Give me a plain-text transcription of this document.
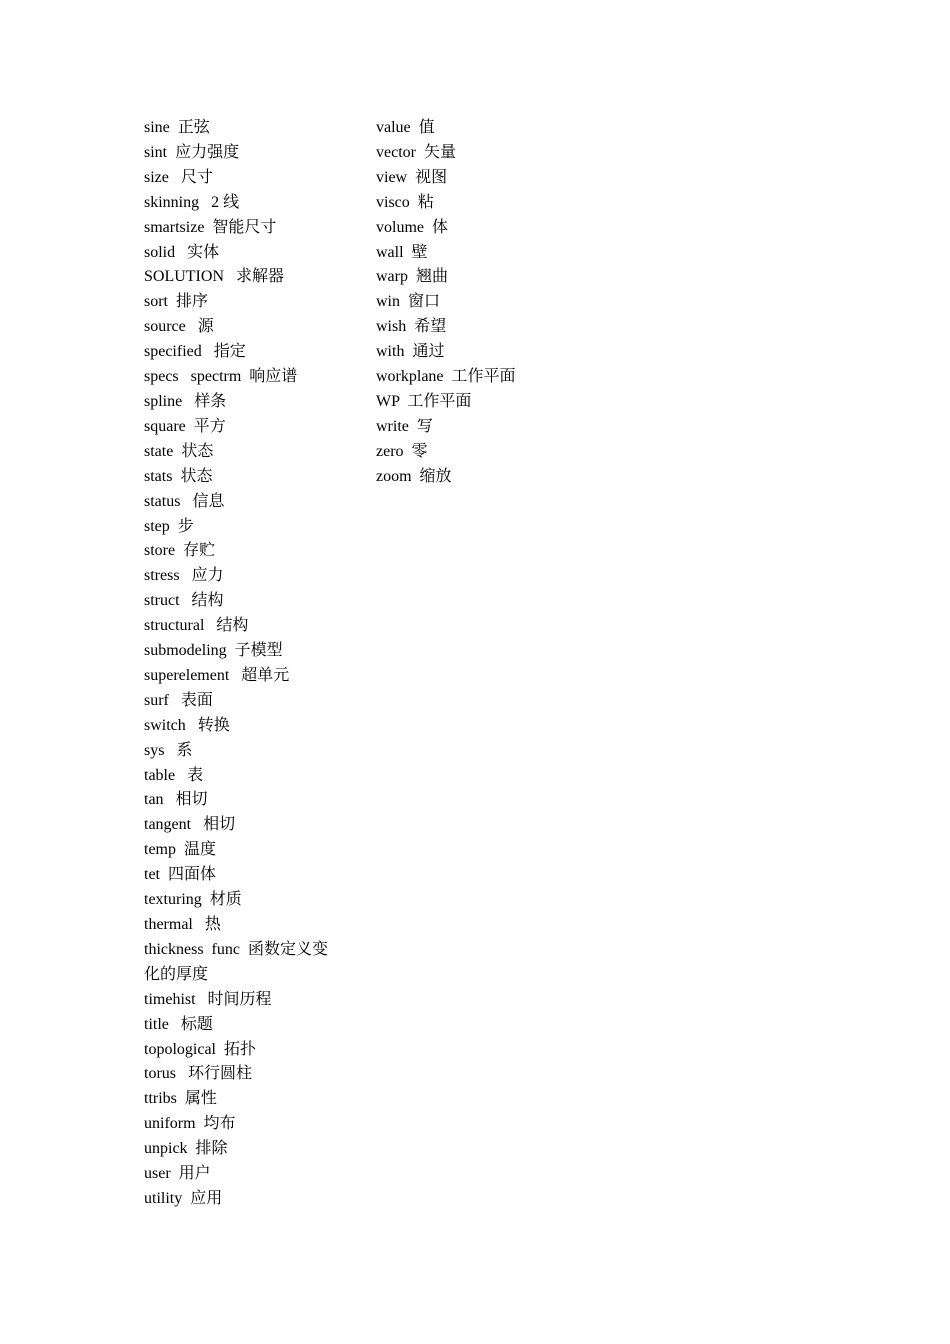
sine  正弦
sint  应力强度
size   尺寸
skinning   2 线
smartsize  智能尺寸
solid   实体
SOLUTION   求解器
sort  排序
source   源
specified   指定
specs   spectrm  响应谱
spline   样条
square  平方
state  状态
stats  状态
status   信息
step  步
store  存贮
stress   应力
struct   结构
structural   结构
submodeling  子模型
superelement   超单元
surf   表面
switch   转换
sys   系
table   表
tan   相切
tangent   相切
temp  温度
tet  四面体
texturing  材质
thermal   热
thickness  func  函数定义变
化的厚度
timehist   时间历程
title   标题
topological  拓扑
torus   环行圆柱
ttribs  属性
uniform  均布
unpick  排除
user  用户
utility  应用
value  值
vector  矢量
view  视图
visco  粘
volume  体
wall  壁
warp  翘曲
win  窗口
wish  希望
with  通过
workplane  工作平面
WP  工作平面
write  写
zero  零
zoom  缩放
